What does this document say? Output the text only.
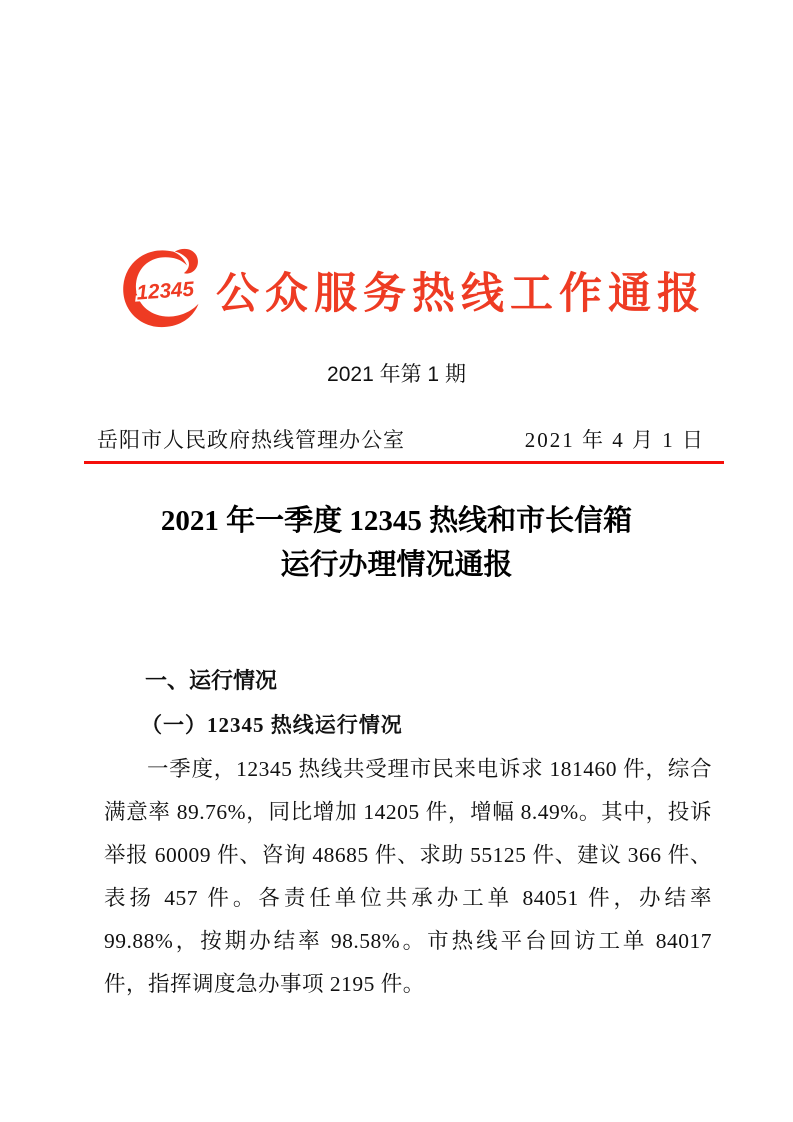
12345 公众服务热线工作通报
2021 年第 1 期
岳阳市人民政府热线管理办公室	2021 年 4 月 1 日
2021 年一季度 12345 热线和市长信箱
运行办理情况通报
一、运行情况
（一）12345 热线运行情况
一季度，12345 热线共受理市民来电诉求 181460 件，综合满意率 89.76%，同比增加 14205 件，增幅 8.49%。其中，投诉举报 60009 件、咨询 48685 件、求助 55125 件、建议 366 件、表扬 457 件。各责任单位共承办工单 84051 件，办结率 99.88%，按期办结率 98.58%。市热线平台回访工单 84017 件，指挥调度急办事项 2195 件。
